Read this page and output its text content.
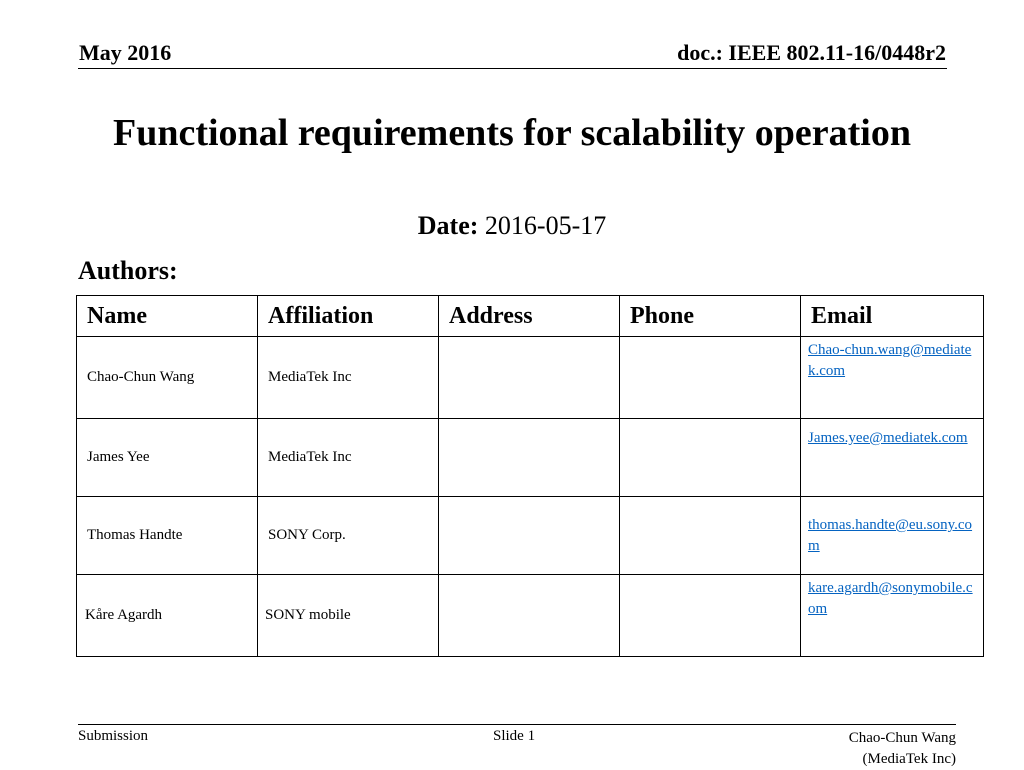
May 2016	doc.: IEEE 802.11-16/0448r2
Functional requirements for scalability operation
Date: 2016-05-17
Authors:
Name	Affiliation	Address	Phone	Email
Chao-Chun Wang	MediaTek Inc			Chao-chun.wang@mediatek.com
James Yee	MediaTek Inc			James.yee@mediatek.com
Thomas Handte	SONY Corp.			thomas.handte@eu.sony.com
Kåre Agardh	SONY mobile			kare.agardh@sonymobile.com
Submission	Slide 1	Chao-Chun Wang
(MediaTek Inc)
